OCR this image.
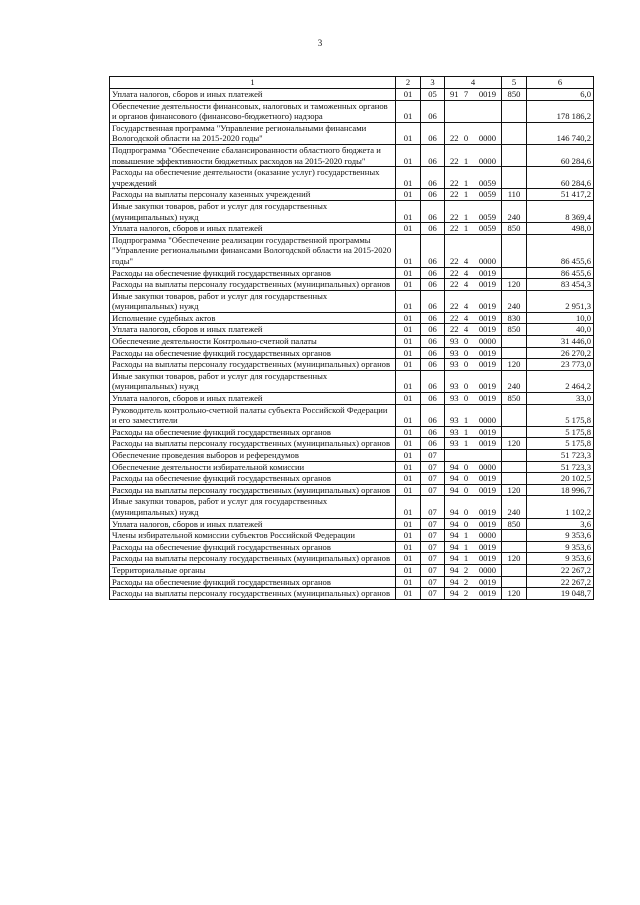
3
1	2	3	4	5	6
Уплата налогов, сборов и иных платежей	01	05	91 7 0019	850	6,0
Обеспечение деятельности финансовых, налоговых и таможенных органов и органов финансового (финансово-бюджетного) надзора	01	06			178 186,2
Государственная программа "Управление региональными финансами Вологодской области на 2015-2020 годы"	01	06	22 0 0000		146 740,2
Подпрограмма "Обеспечение сбалансированности областного бюджета и повышение эффективности бюджетных расходов на 2015-2020 годы"	01	06	22 1 0000		60 284,6
Расходы на обеспечение деятельности (оказание услуг) государственных учреждений	01	06	22 1 0059		60 284,6
Расходы на выплаты персоналу казенных учреждений	01	06	22 1 0059	110	51 417,2
Иные закупки товаров, работ и услуг для государственных (муниципальных) нужд	01	06	22 1 0059	240	8 369,4
Уплата налогов, сборов и иных платежей	01	06	22 1 0059	850	498,0
Подпрограмма "Обеспечение реализации государственной программы "Управление региональными финансами Вологодской области на 2015-2020 годы"	01	06	22 4 0000		86 455,6
Расходы на обеспечение функций государственных органов	01	06	22 4 0019		86 455,6
Расходы на выплаты персоналу государственных (муниципальных) органов	01	06	22 4 0019	120	83 454,3
Иные закупки товаров, работ и услуг для государственных (муниципальных) нужд	01	06	22 4 0019	240	2 951,3
Исполнение судебных актов	01	06	22 4 0019	830	10,0
Уплата налогов, сборов и иных платежей	01	06	22 4 0019	850	40,0
Обеспечение деятельности Контрольно-счетной палаты	01	06	93 0 0000		31 446,0
Расходы на обеспечение функций государственных органов	01	06	93 0 0019		26 270,2
Расходы на выплаты персоналу государственных (муниципальных) органов	01	06	93 0 0019	120	23 773,0
Иные закупки товаров, работ и услуг для государственных (муниципальных) нужд	01	06	93 0 0019	240	2 464,2
Уплата налогов, сборов и иных платежей	01	06	93 0 0019	850	33,0
Руководитель контрольно-счетной палаты субъекта Российской Федерации и его заместители	01	06	93 1 0000		5 175,8
Расходы на обеспечение функций государственных органов	01	06	93 1 0019		5 175,8
Расходы на выплаты персоналу государственных (муниципальных) органов	01	06	93 1 0019	120	5 175,8
Обеспечение проведения выборов и референдумов	01	07			51 723,3
Обеспечение деятельности избирательной комиссии	01	07	94 0 0000		51 723,3
Расходы на обеспечение функций государственных органов	01	07	94 0 0019		20 102,5
Расходы на выплаты персоналу государственных (муниципальных) органов	01	07	94 0 0019	120	18 996,7
Иные закупки товаров, работ и услуг для государственных (муниципальных) нужд	01	07	94 0 0019	240	1 102,2
Уплата налогов, сборов и иных платежей	01	07	94 0 0019	850	3,6
Члены избирательной комиссии субъектов Российской Федерации	01	07	94 1 0000		9 353,6
Расходы на обеспечение функций государственных органов	01	07	94 1 0019		9 353,6
Расходы на выплаты персоналу государственных (муниципальных) органов	01	07	94 1 0019	120	9 353,6
Территориальные органы	01	07	94 2 0000		22 267,2
Расходы на обеспечение функций государственных органов	01	07	94 2 0019		22 267,2
Расходы на выплаты персоналу государственных (муниципальных) органов	01	07	94 2 0019	120	19 048,7
